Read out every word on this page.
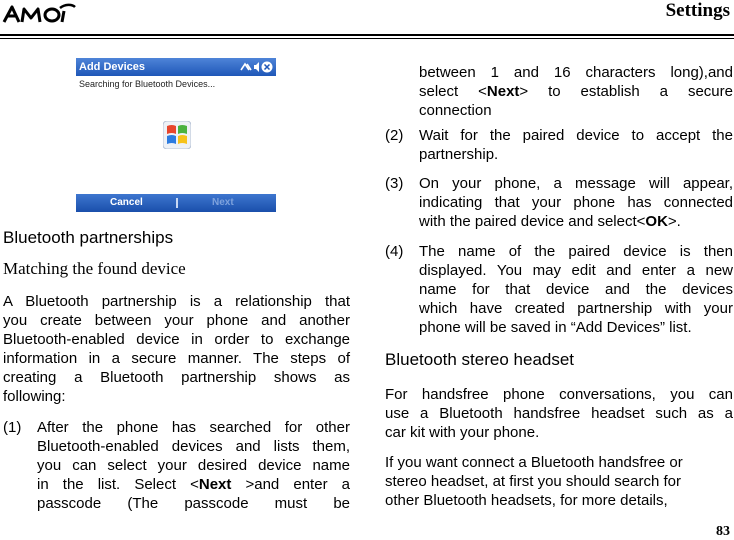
Settings
Add Devices
Searching for Bluetooth Devices...
Cancel	Next
Bluetooth partnerships
Matching the found device
A Bluetooth partnership is a relationship that
you create between your phone and another
Bluetooth-enabled device in order to exchange
information in a secure manner. The steps of
creating a Bluetooth partnership shows as
following:
(1) After the phone has searched for other
Bluetooth-enabled devices and lists them,
you can select your desired device name
in the list. Select <Next >and enter a
passcode (The passcode must be
between 1 and 16 characters long),and
select <Next> to establish a secure
connection
(2) Wait for the paired device to accept the
partnership.
(3) On your phone, a message will appear,
indicating that your phone has connected
with the paired device and select<OK>.
(4) The name of the paired device is then
displayed. You may edit and enter a new
name for that device and the devices
which have created partnership with your
phone will be saved in “Add Devices” list.
Bluetooth stereo headset
For handsfree phone conversations, you can
use a Bluetooth handsfree headset such as a
car kit with your phone.
If you want connect a Bluetooth handsfree or
stereo headset, at first you should search for
other Bluetooth headsets, for more details,
83
